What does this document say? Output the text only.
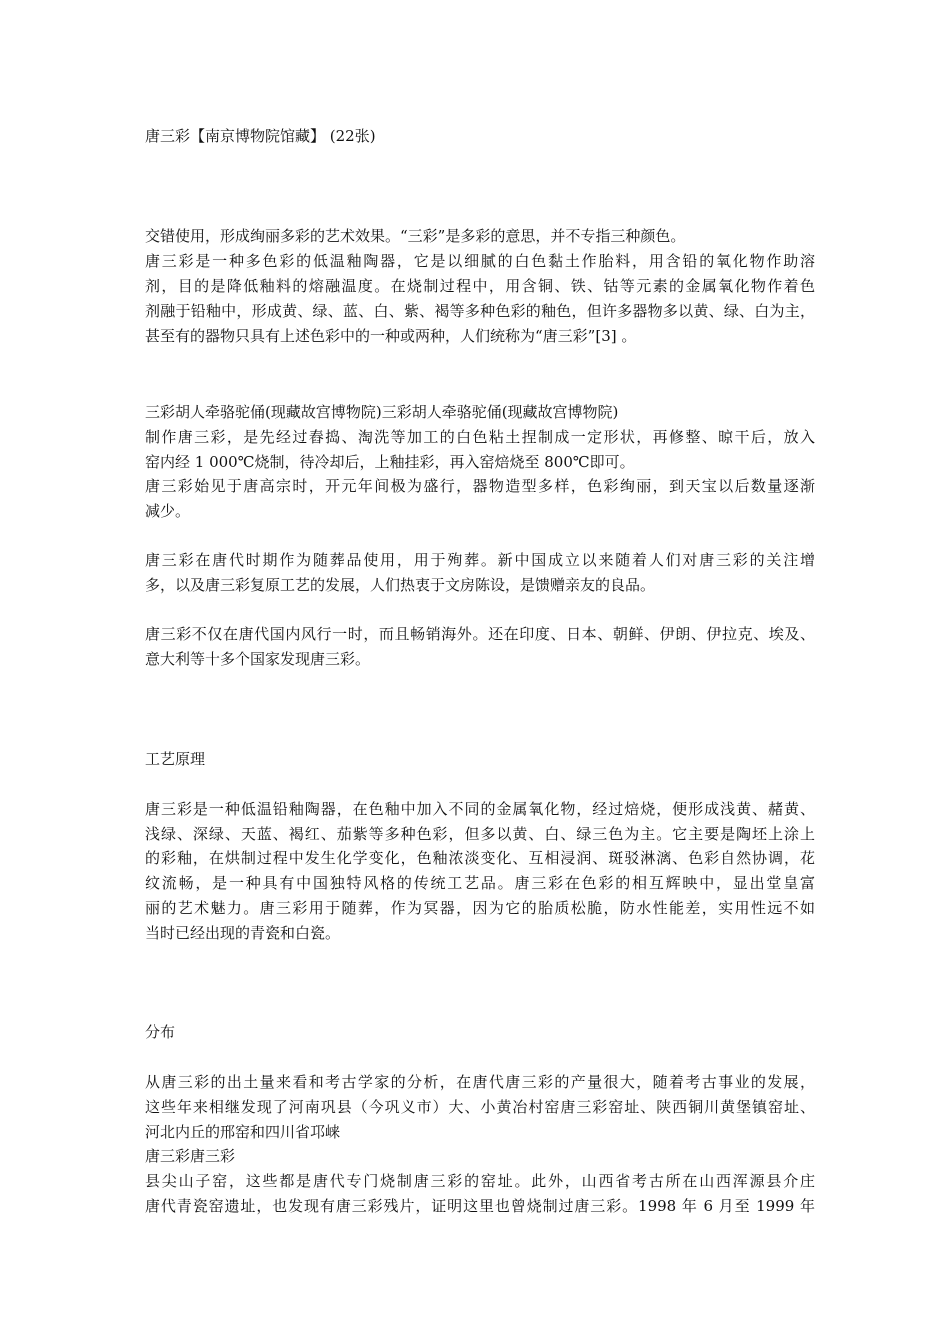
唐三彩【南京博物院馆藏】 (22张)
交错使用，形成绚丽多彩的艺术效果。“三彩”是多彩的意思，并不专指三种颜色。
唐三彩是一种多色彩的低温釉陶器，它是以细腻的白色黏土作胎料，用含铅的氧化物作助溶
剂，目的是降低釉料的熔融温度。在烧制过程中，用含铜、铁、钴等元素的金属氧化物作着色
剂融于铅釉中，形成黄、绿、蓝、白、紫、褐等多种色彩的釉色，但许多器物多以黄、绿、白为主，
甚至有的器物只具有上述色彩中的一种或两种，人们统称为“唐三彩”[3] 。
三彩胡人牵骆驼俑(现藏故宫博物院)三彩胡人牵骆驼俑(现藏故宫博物院)
制作唐三彩，是先经过舂捣、淘洗等加工的白色粘土捏制成一定形状，再修整、晾干后，放入
窑内经 1 000℃烧制，待冷却后，上釉挂彩，再入窑焙烧至 800℃即可。
唐三彩始见于唐高宗时，开元年间极为盛行，器物造型多样，色彩绚丽，到天宝以后数量逐渐
减少。
唐三彩在唐代时期作为随葬品使用，用于殉葬。新中国成立以来随着人们对唐三彩的关注增
多，以及唐三彩复原工艺的发展，人们热衷于文房陈设，是馈赠亲友的良品。
唐三彩不仅在唐代国内风行一时，而且畅销海外。还在印度、日本、朝鲜、伊朗、伊拉克、埃及、
意大利等十多个国家发现唐三彩。
工艺原理
唐三彩是一种低温铅釉陶器，在色釉中加入不同的金属氧化物，经过焙烧，便形成浅黄、赭黄、
浅绿、深绿、天蓝、褐红、茄紫等多种色彩，但多以黄、白、绿三色为主。它主要是陶坯上涂上
的彩釉，在烘制过程中发生化学变化，色釉浓淡变化、互相浸润、斑驳淋漓、色彩自然协调，花
纹流畅，是一种具有中国独特风格的传统工艺品。唐三彩在色彩的相互辉映中，显出堂皇富
丽的艺术魅力。唐三彩用于随葬，作为冥器，因为它的胎质松脆，防水性能差，实用性远不如
当时已经出现的青瓷和白瓷。
分布
从唐三彩的出土量来看和考古学家的分析，在唐代唐三彩的产量很大，随着考古事业的发展，
这些年来相继发现了河南巩县（今巩义市）大、小黄冶村窑唐三彩窑址、陕西铜川黄堡镇窑址、
河北内丘的邢窑和四川省邛崃
唐三彩唐三彩
县尖山子窑，这些都是唐代专门烧制唐三彩的窑址。此外，山西省考古所在山西浑源县介庄
唐代青瓷窑遗址，也发现有唐三彩残片，证明这里也曾烧制过唐三彩。1998 年 6 月至 1999 年
